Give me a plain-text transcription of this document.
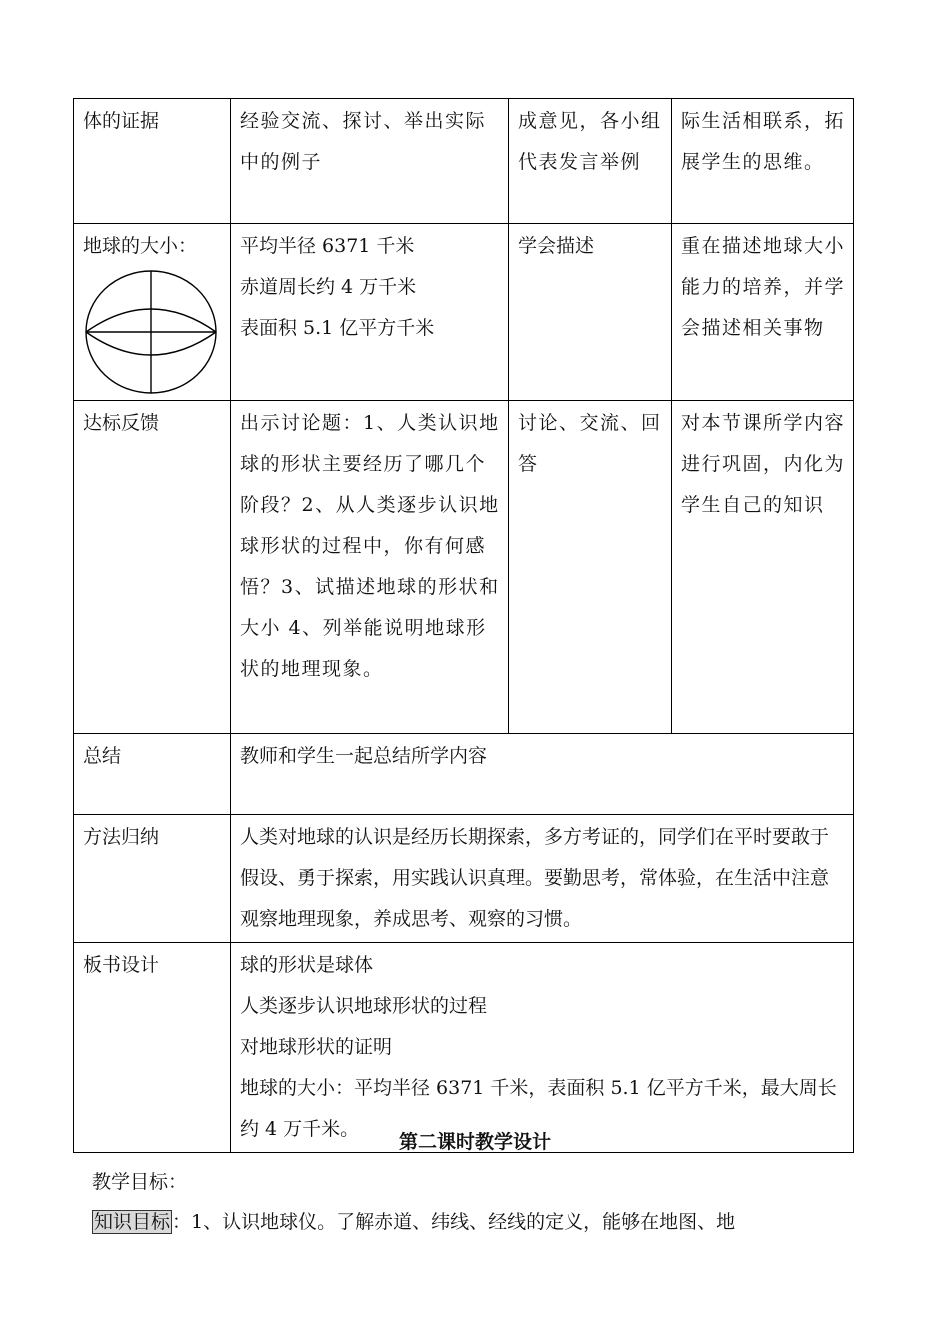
体的证据	经验交流、探讨、举出实际中的例子	成意见，各小组代表发言举例	际生活相联系，拓展学生的思维。

地球的大小：	平均半径 6371 千米
赤道周长约 4 万千米
表面积 5.1 亿平方千米	学会描述	重在描述地球大小能力的培养，并学会描述相关事物
达标反馈	出示讨论题：1、人类认识地球的形状主要经历了哪几个阶段？2、从人类逐步认识地球形状的过程中，你有何感悟？3、试描述地球的形状和大小 4、列举能说明地球形状的地理现象。	讨论、交流、回答	对本节课所学内容进行巩固，内化为学生自己的知识
总结	教师和学生一起总结所学内容		
方法归纳	人类对地球的认识是经历长期探索，多方考证的，同学们在平时要敢于假设、勇于探索，用实践认识真理。要勤思考，常体验，在生活中注意观察地理现象，养成思考、观察的习惯。		
板书设计	球的形状是球体
人类逐步认识地球形状的过程
对地球形状的证明
地球的大小：平均半径 6371 千米，表面积 5.1 亿平方千米，最大周长约 4 万千米。		
第二课时教学设计
教学目标：
知识目标 ：1、认识地球仪。了解赤道、纬线、经线的定义，能够在地图、地
